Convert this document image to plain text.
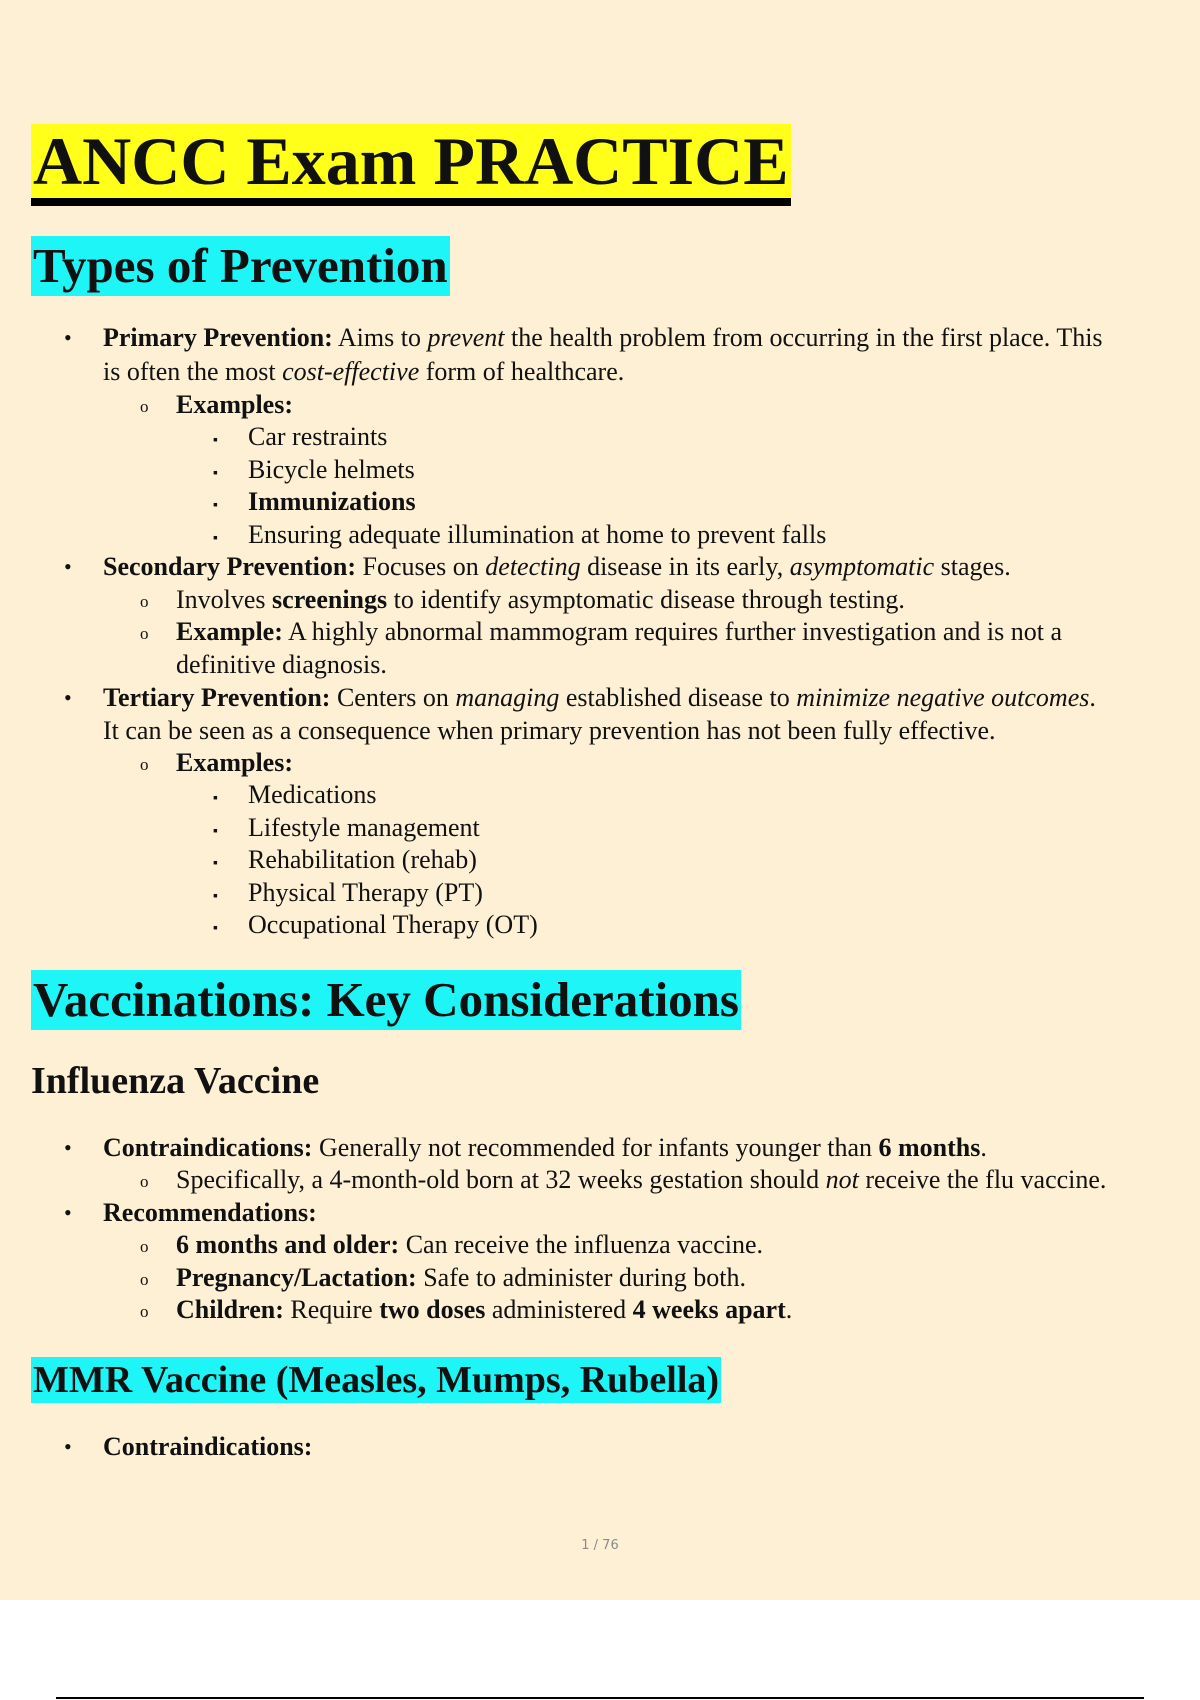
ANCC Exam PRACTICE
Types of Prevention
•
Primary Prevention: Aims to prevent the health problem from occurring in the first place. This
is often the most cost-effective form of healthcare.
o
Examples:
▪
Car restraints
▪
Bicycle helmets
▪
Immunizations
▪
Ensuring adequate illumination at home to prevent falls
•
Secondary Prevention: Focuses on detecting disease in its early, asymptomatic stages.
o
Involves screenings to identify asymptomatic disease through testing.
o
Example: A highly abnormal mammogram requires further investigation and is not a
definitive diagnosis.
•
Tertiary Prevention: Centers on managing established disease to minimize negative outcomes.
It can be seen as a consequence when primary prevention has not been fully effective.
o
Examples:
▪
Medications
▪
Lifestyle management
▪
Rehabilitation (rehab)
▪
Physical Therapy (PT)
▪
Occupational Therapy (OT)
Vaccinations: Key Considerations
Influenza Vaccine
•
Contraindications: Generally not recommended for infants younger than 6 months.
o
Specifically, a 4-month-old born at 32 weeks gestation should not receive the flu vaccine.
•
Recommendations:
o
6 months and older: Can receive the influenza vaccine.
o
Pregnancy/Lactation: Safe to administer during both.
o
Children: Require two doses administered 4 weeks apart.
MMR Vaccine (Measles, Mumps, Rubella)
•
Contraindications:
1 / 76
